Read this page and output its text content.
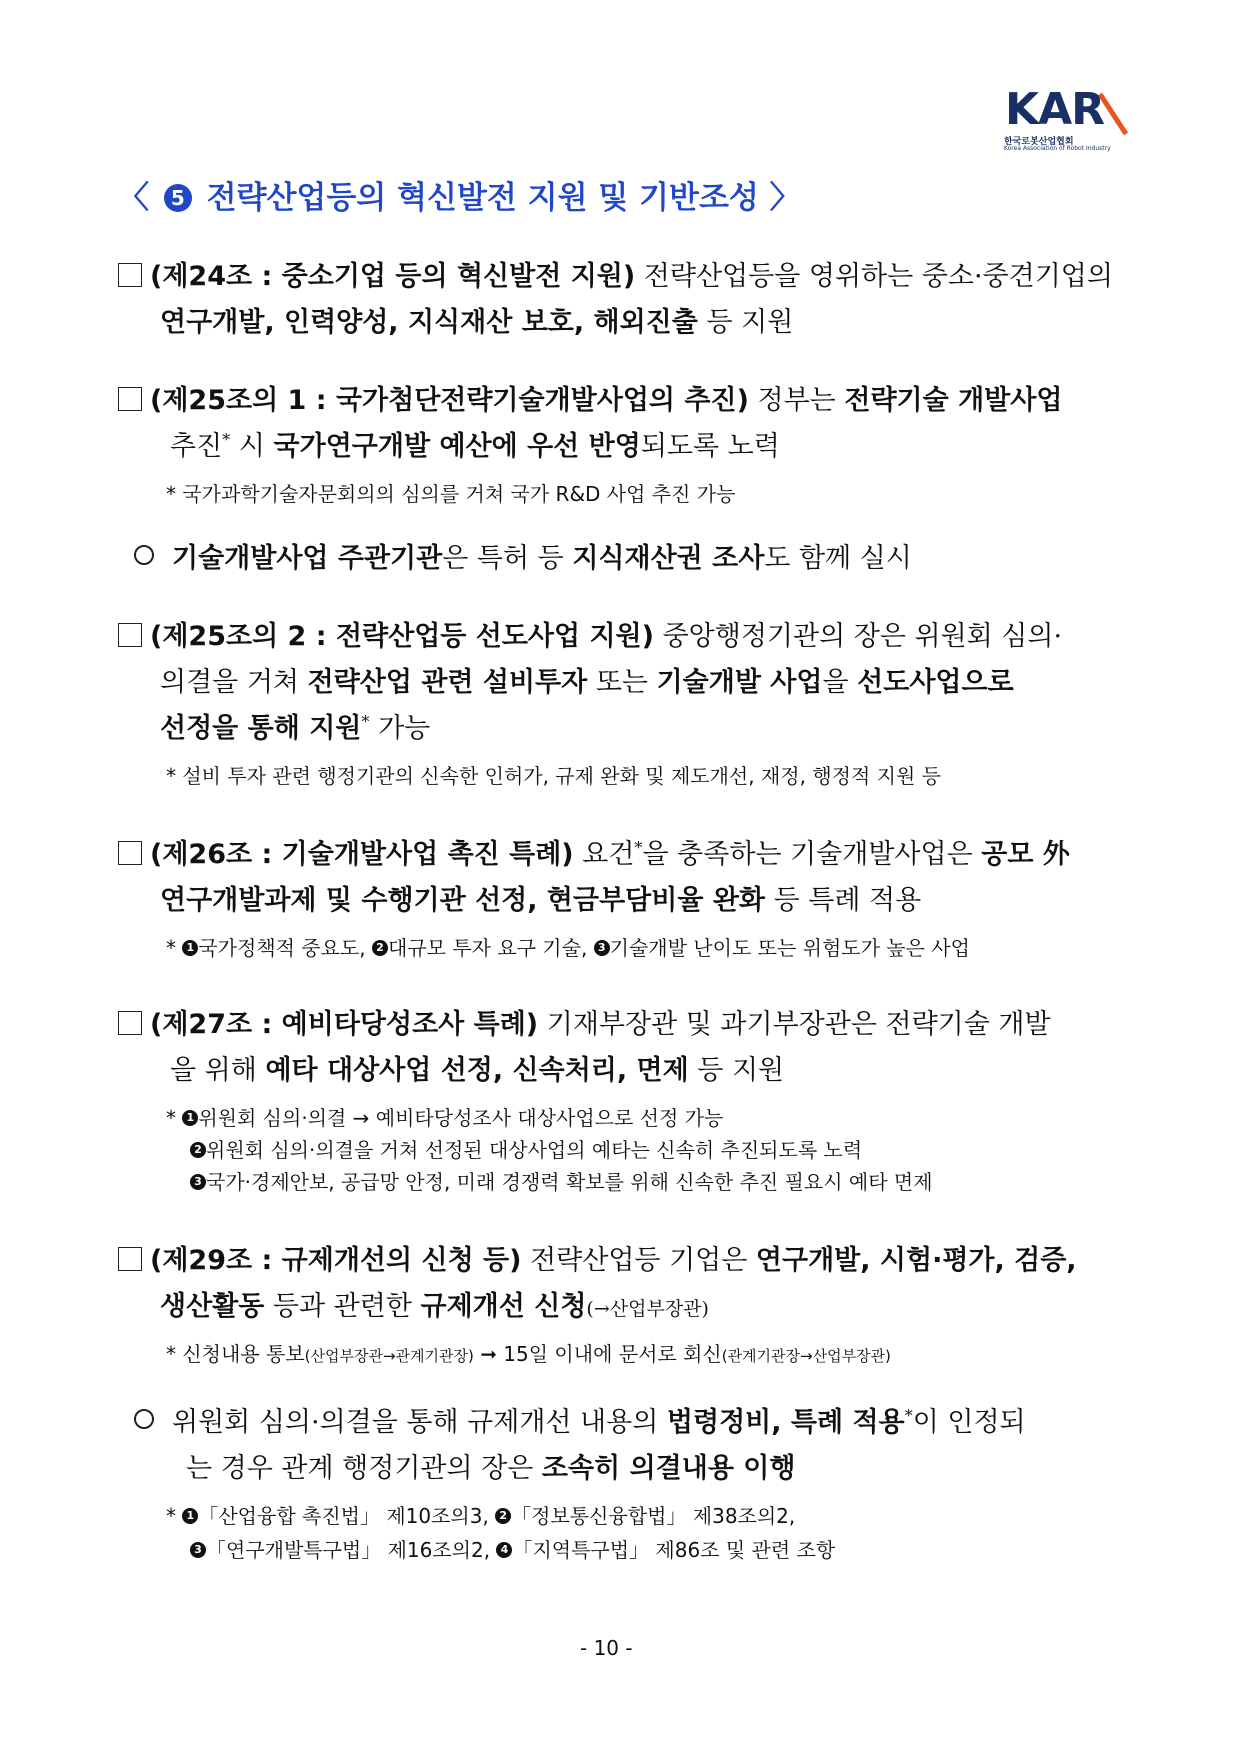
KAR
한국로봇산업협회
Korea Association of Robot Industry
〈 5 전략산업등의 혁신발전 지원 및 기반조성 〉
(제24조 : 중소기업 등의 혁신발전 지원) 전략산업등을 영위하는 중소·중견기업의
연구개발, 인력양성, 지식재산 보호, 해외진출 등 지원
(제25조의 1 : 국가첨단전략기술개발사업의 추진) 정부는 전략기술 개발사업
추진* 시 국가연구개발 예산에 우선 반영되도록 노력
* 국가과학기술자문회의의 심의를 거쳐 국가 R&D 사업 추진 가능
기술개발사업 주관기관은 특허 등 지식재산권 조사도 함께 실시
(제25조의 2 : 전략산업등 선도사업 지원) 중앙행정기관의 장은 위원회 심의·
의결을 거쳐 전략산업 관련 설비투자 또는 기술개발 사업을 선도사업으로
선정을 통해 지원* 가능
* 설비 투자 관련 행정기관의 신속한 인허가, 규제 완화 및 제도개선, 재정, 행정적 지원 등
(제26조 : 기술개발사업 촉진 특례) 요건*을 충족하는 기술개발사업은 공모 外
연구개발과제 및 수행기관 선정, 현금부담비율 완화 등 특례 적용
* 1 국가정책적 중요도, 2 대규모 투자 요구 기술, 3 기술개발 난이도 또는 위험도가 높은 사업
(제27조 : 예비타당성조사 특례) 기재부장관 및 과기부장관은 전략기술 개발
을 위해 예타 대상사업 선정, 신속처리, 면제 등 지원
* 1 위원회 심의·의결 → 예비타당성조사 대상사업으로 선정 가능
2 위원회 심의·의결을 거쳐 선정된 대상사업의 예타는 신속히 추진되도록 노력
3 국가·경제안보, 공급망 안정, 미래 경쟁력 확보를 위해 신속한 추진 필요시 예타 면제
(제29조 : 규제개선의 신청 등) 전략산업등 기업은 연구개발, 시험·평가, 검증,
생산활동 등과 관련한 규제개선 신청(→산업부장관)
* 신청내용 통보(산업부장관→관계기관장) ➞ 15일 이내에 문서로 회신(관계기관장→산업부장관)
위원회 심의·의결을 통해 규제개선 내용의 법령정비, 특례 적용*이 인정되
는 경우 관계 행정기관의 장은 조속히 의결내용 이행
* 1 「산업융합 촉진법」 제10조의3, 2 「정보통신융합법」 제38조의2,
3 「연구개발특구법」 제16조의2, 4 「지역특구법」 제86조 및 관련 조항
- 10 -
